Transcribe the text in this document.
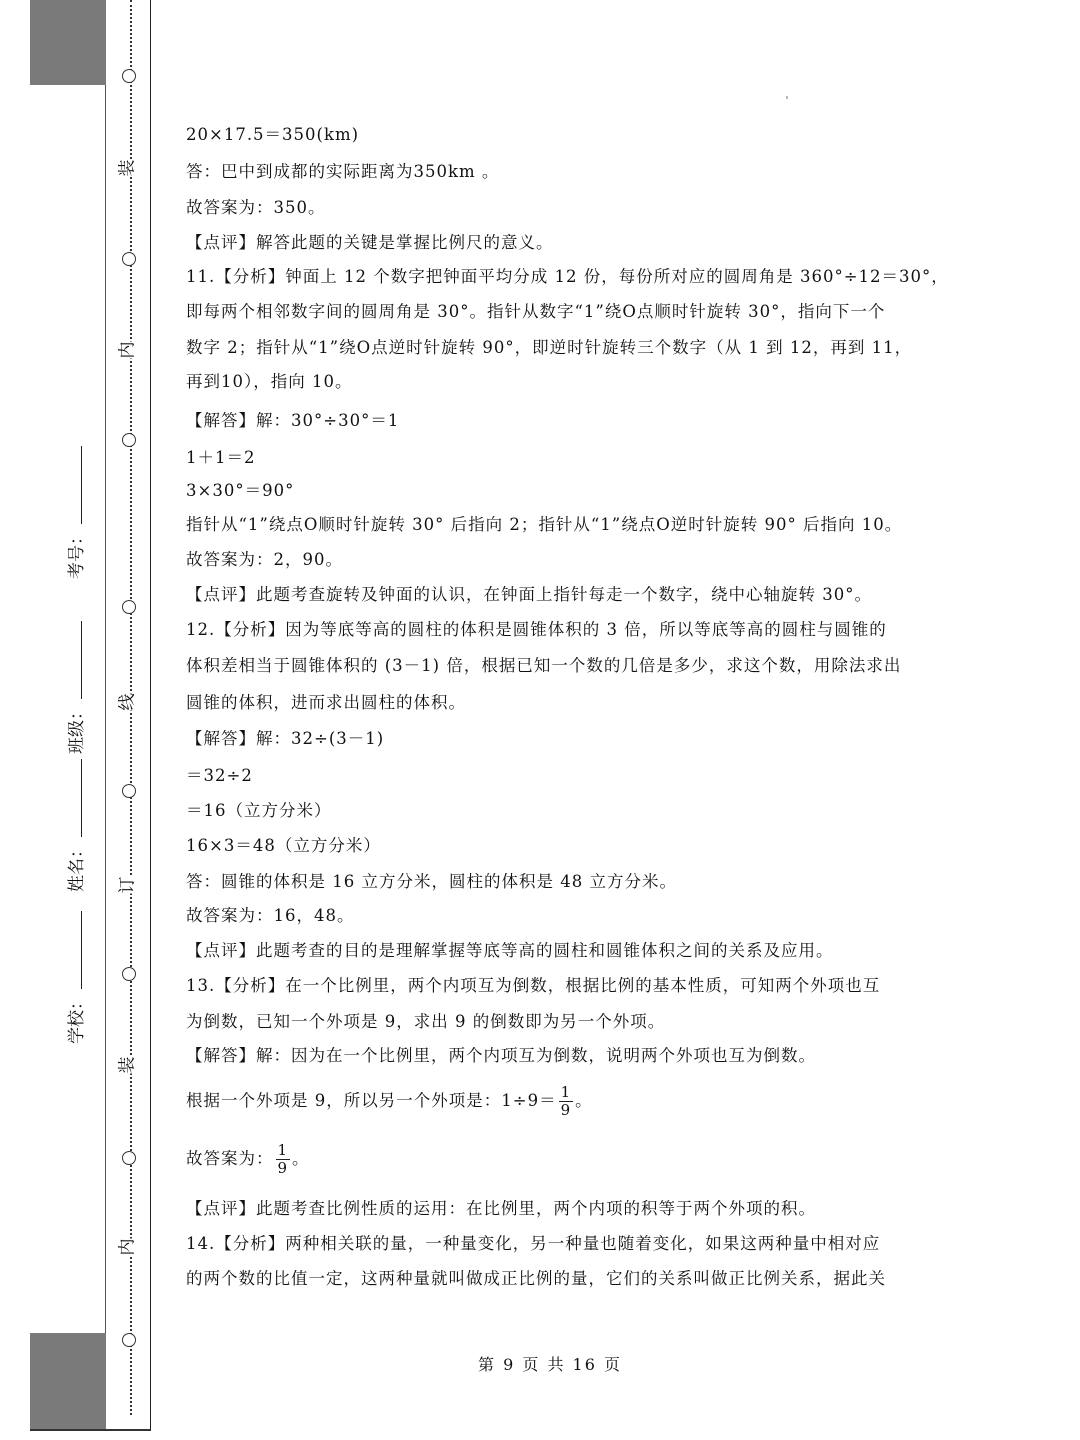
装
内
线
订
装
内
学校：
姓名：
班级：
考号：
20×17.5＝350(km)
答：巴中到成都的实际距离为350km 。
故答案为：350。
【点评】解答此题的关键是掌握比例尺的意义。
11.【分析】钟面上 12 个数字把钟面平均分成 12 份，每份所对应的圆周角是 360°÷12＝30°，
即每两个相邻数字间的圆周角是 30°。指针从数字“1”绕O点顺时针旋转 30°，指向下一个
数字 2；指针从“1”绕O点逆时针旋转 90°，即逆时针旋转三个数字（从 1 到 12，再到 11，
再到10），指向 10。
【解答】解：30°÷30°＝1
1＋1＝2
3×30°＝90°
指针从“1”绕点O顺时针旋转 30° 后指向 2；指针从“1”绕点O逆时针旋转 90° 后指向 10。
故答案为：2，90。
【点评】此题考查旋转及钟面的认识，在钟面上指针每走一个数字，绕中心轴旋转 30°。
12.【分析】因为等底等高的圆柱的体积是圆锥体积的 3 倍，所以等底等高的圆柱与圆锥的
体积差相当于圆锥体积的 (3－1) 倍，根据已知一个数的几倍是多少，求这个数，用除法求出
圆锥的体积，进而求出圆柱的体积。
【解答】解：32÷(3－1)
＝32÷2
＝16（立方分米）
16×3＝48（立方分米）
答：圆锥的体积是 16 立方分米，圆柱的体积是 48 立方分米。
故答案为：16，48。
【点评】此题考查的目的是理解掌握等底等高的圆柱和圆锥体积之间的关系及应用。
13.【分析】在一个比例里，两个内项互为倒数，根据比例的基本性质，可知两个外项也互
为倒数，已知一个外项是 9，求出 9 的倒数即为另一个外项。
【解答】解：因为在一个比例里，两个内项互为倒数，说明两个外项也互为倒数。
根据一个外项是 9，所以另一个外项是：$1\div 9= \frac{1}{9}$ 。
故答案为： $\frac{1}{9}$ 。
【点评】此题考查比例性质的运用：在比例里，两个内项的积等于两个外项的积。
14.【分析】两种相关联的量，一种量变化，另一种量也随着变化，如果这两种量中相对应
的两个数的比值一定，这两种量就叫做成正比例的量，它们的关系叫做正比例关系，据此关
第 9 页 共 16 页
